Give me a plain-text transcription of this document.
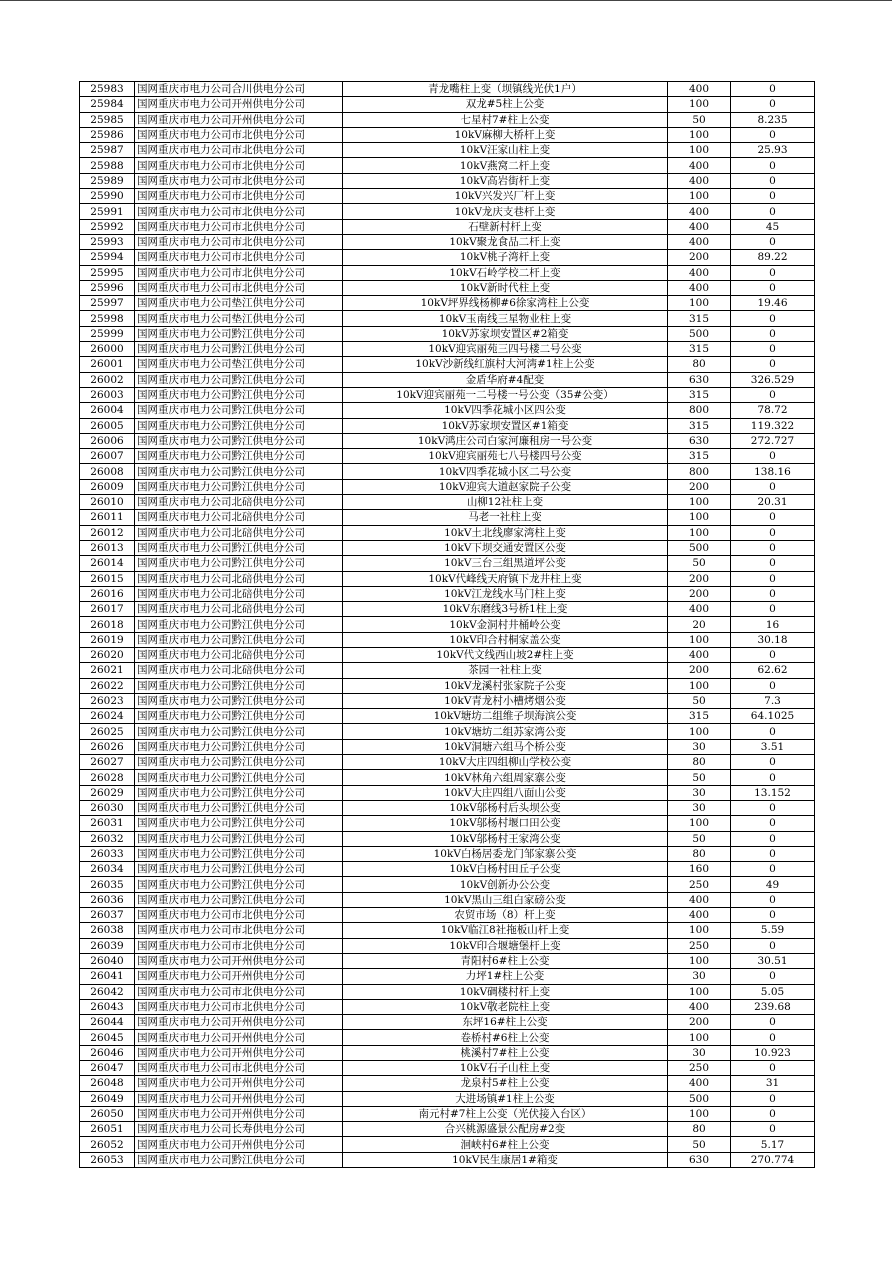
25983	国网重庆市电力公司合川供电分公司	青龙嘴柱上变（坝镇线光伏1户）	400	0
25984	国网重庆市电力公司开州供电分公司	双龙#5柱上公变	100	0
25985	国网重庆市电力公司开州供电分公司	七星村7#柱上公变	50	8.235
25986	国网重庆市电力公司市北供电分公司	10kV麻柳大桥杆上变	100	0
25987	国网重庆市电力公司市北供电分公司	10kV汪家山柱上变	100	25.93
25988	国网重庆市电力公司市北供电分公司	10kV燕窝二杆上变	400	0
25989	国网重庆市电力公司市北供电分公司	10kV高岩街杆上变	400	0
25990	国网重庆市电力公司市北供电分公司	10kV兴发兴厂杆上变	100	0
25991	国网重庆市电力公司市北供电分公司	10kV龙庆支巷杆上变	400	0
25992	国网重庆市电力公司市北供电分公司	石壁新村杆上变	400	45
25993	国网重庆市电力公司市北供电分公司	10kV聚龙食品二杆上变	400	0
25994	国网重庆市电力公司市北供电分公司	10kV桃子湾杆上变	200	89.22
25995	国网重庆市电力公司市北供电分公司	10kV石岭学校二杆上变	400	0
25996	国网重庆市电力公司市北供电分公司	10kV新时代柱上变	400	0
25997	国网重庆市电力公司垫江供电分公司	10kV坪界线杨柳#6徐家湾柱上公变	100	19.46
25998	国网重庆市电力公司垫江供电分公司	10kV玉南线三星物业柱上变	315	0
25999	国网重庆市电力公司黔江供电分公司	10kV苏家坝安置区#2箱变	500	0
26000	国网重庆市电力公司黔江供电分公司	10kV迎宾丽苑三四号楼二号公变	315	0
26001	国网重庆市电力公司垫江供电分公司	10kV沙新线红旗村大河湾#1柱上公变	80	0
26002	国网重庆市电力公司黔江供电分公司	金盾华府#4配变	630	326.529
26003	国网重庆市电力公司黔江供电分公司	10kV迎宾丽苑一二号楼一号公变（35#公变）	315	0
26004	国网重庆市电力公司黔江供电分公司	10kV四季花城小区四公变	800	78.72
26005	国网重庆市电力公司黔江供电分公司	10kV苏家坝安置区#1箱变	315	119.322
26006	国网重庆市电力公司黔江供电分公司	10kV鸿庄公司白家河廉租房一号公变	630	272.727
26007	国网重庆市电力公司黔江供电分公司	10kV迎宾丽苑七八号楼四号公变	315	0
26008	国网重庆市电力公司黔江供电分公司	10kV四季花城小区二号公变	800	138.16
26009	国网重庆市电力公司黔江供电分公司	10kV迎宾大道赵家院子公变	200	0
26010	国网重庆市电力公司北碚供电分公司	山柳12社柱上变	100	20.31
26011	国网重庆市电力公司北碚供电分公司	马老一社柱上变	100	0
26012	国网重庆市电力公司北碚供电分公司	10kV土北线廖家湾柱上变	100	0
26013	国网重庆市电力公司黔江供电分公司	10kV下坝交通安置区公变	500	0
26014	国网重庆市电力公司黔江供电分公司	10kV三台三组黑道坪公变	50	0
26015	国网重庆市电力公司北碚供电分公司	10kV代峰线天府镇下龙井柱上变	200	0
26016	国网重庆市电力公司北碚供电分公司	10kV江龙线水马门柱上变	200	0
26017	国网重庆市电力公司北碚供电分公司	10kV东磨线3号桥1柱上变	400	0
26018	国网重庆市电力公司黔江供电分公司	10kV金洞村井桶岭公变	20	16
26019	国网重庆市电力公司黔江供电分公司	10kV印合村桐家盖公变	100	30.18
26020	国网重庆市电力公司北碚供电分公司	10kV代文线西山坡2#柱上变	400	0
26021	国网重庆市电力公司北碚供电分公司	茶园一社柱上变	200	62.62
26022	国网重庆市电力公司黔江供电分公司	10kV龙溪村张家院子公变	100	0
26023	国网重庆市电力公司黔江供电分公司	10kV青龙村小槽烤烟公变	50	7.3
26024	国网重庆市电力公司黔江供电分公司	10kV塘坊二组维子坝海滨公变	315	64.1025
26025	国网重庆市电力公司黔江供电分公司	10kV塘坊二组苏家湾公变	100	0
26026	国网重庆市电力公司黔江供电分公司	10kV洞塘六组马个桥公变	30	3.51
26027	国网重庆市电力公司黔江供电分公司	10kV大庄四组柳山学校公变	80	0
26028	国网重庆市电力公司黔江供电分公司	10kV林角六组周家寨公变	50	0
26029	国网重庆市电力公司黔江供电分公司	10kV大庄四组八面山公变	30	13.152
26030	国网重庆市电力公司黔江供电分公司	10kV邬杨村后头坝公变	30	0
26031	国网重庆市电力公司黔江供电分公司	10kV邬杨村堰口田公变	100	0
26032	国网重庆市电力公司黔江供电分公司	10kV邬杨村王家湾公变	50	0
26033	国网重庆市电力公司黔江供电分公司	10kV白杨居委龙门邹家寨公变	80	0
26034	国网重庆市电力公司黔江供电分公司	10kV白杨村田丘子公变	160	0
26035	国网重庆市电力公司黔江供电分公司	10kV创新办公公变	250	49
26036	国网重庆市电力公司黔江供电分公司	10kV黑山三组白家磅公变	400	0
26037	国网重庆市电力公司市北供电分公司	农贸市场（8）杆上变	400	0
26038	国网重庆市电力公司市北供电分公司	10kV临江8社拖板山杆上变	100	5.59
26039	国网重庆市电力公司市北供电分公司	10kV印合堰塘堡杆上变	250	0
26040	国网重庆市电力公司开州供电分公司	青阳村6#柱上公变	100	30.51
26041	国网重庆市电力公司开州供电分公司	力坪1#柱上公变	30	0
26042	国网重庆市电力公司市北供电分公司	10kV碉楼村杆上变	100	5.05
26043	国网重庆市电力公司市北供电分公司	10kV敬老院柱上变	400	239.68
26044	国网重庆市电力公司开州供电分公司	东坪16#柱上公变	200	0
26045	国网重庆市电力公司开州供电分公司	卷桥村#6柱上公变	100	0
26046	国网重庆市电力公司开州供电分公司	桃溪村7#柱上公变	30	10.923
26047	国网重庆市电力公司市北供电分公司	10kV石子山柱上变	250	0
26048	国网重庆市电力公司开州供电分公司	龙泉村5#柱上公变	400	31
26049	国网重庆市电力公司开州供电分公司	大进场镇#1柱上公变	500	0
26050	国网重庆市电力公司开州供电分公司	南元村#7柱上公变（光伏接入台区）	100	0
26051	国网重庆市电力公司长寿供电分公司	合兴桃源盛景公配房#2变	80	0
26052	国网重庆市电力公司开州供电分公司	洄峡村6#柱上公变	50	5.17
26053	国网重庆市电力公司黔江供电分公司	10kV民生康居1#箱变	630	270.774
